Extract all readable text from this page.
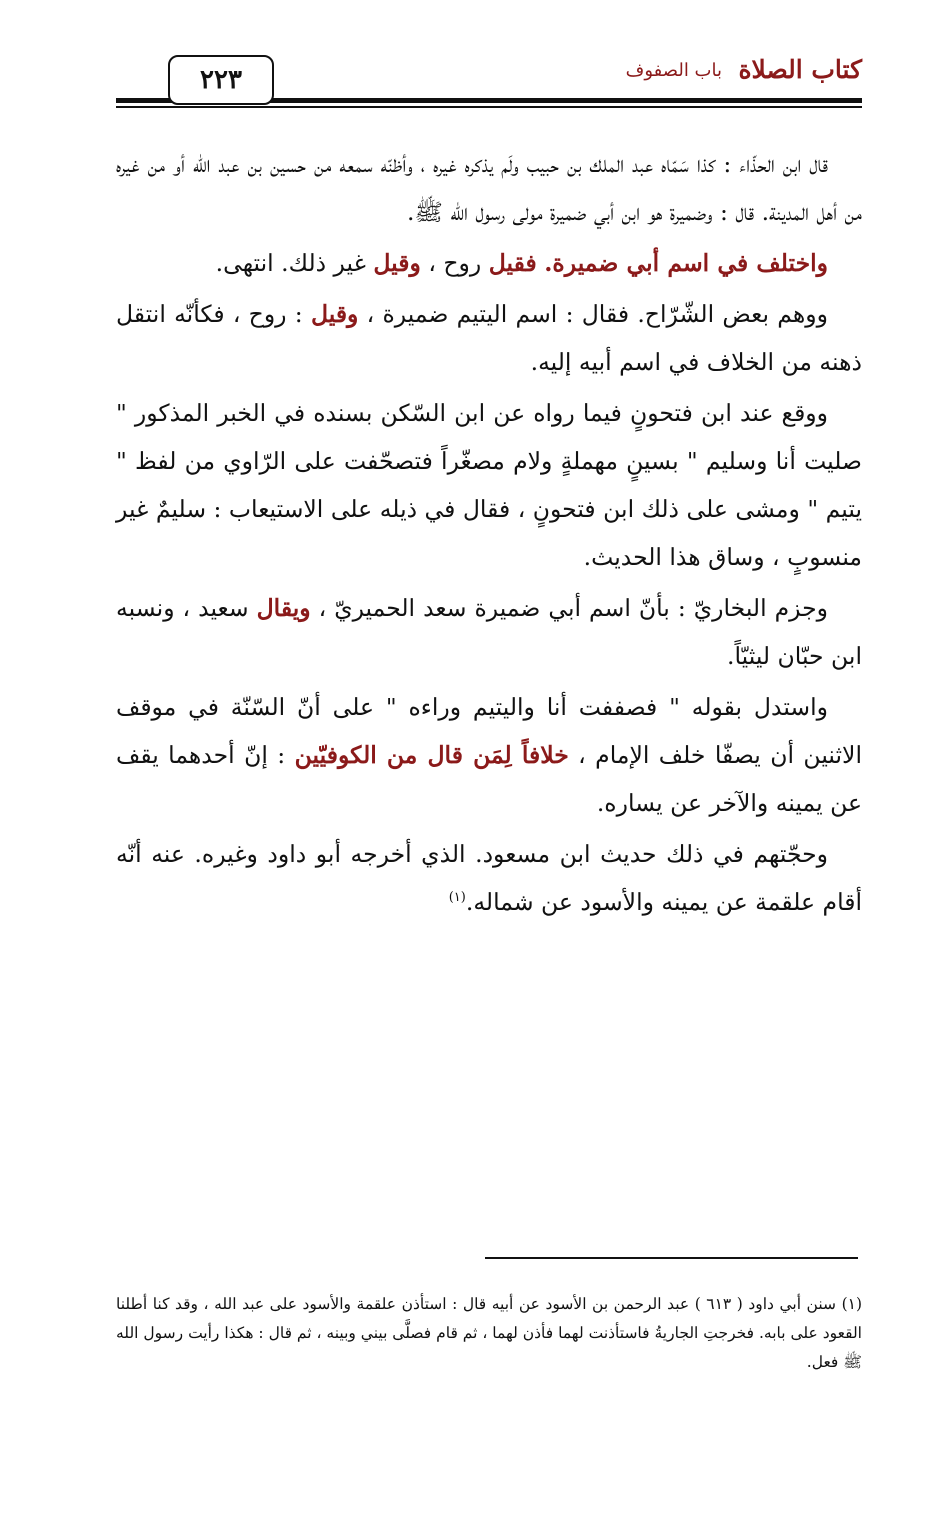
٢٢٣	كتاب الصلاة
باب الصفوف

قال ابن الحذّاء : كذا سَمّاه عبد الملك بن حبيب ولَم يذكره غيره ، وأظنّه سمعه من حسين بن عبد الله أو من غيره من أهل المدينة. قال : وضميرة هو ابن أبي ضميرة مولى رسول الله ﷺ.

واختلف في اسم أبي ضميرة. فقيل روح ، وقيل غير ذلك. انتهى.

ووهم بعض الشّرّاح. فقال : اسم اليتيم ضميرة ، وقيل : روح ، فكأنّه انتقل ذهنه من الخلاف في اسم أبيه إليه.

ووقع عند ابن فتحونٍ فيما رواه عن ابن السّكن بسنده في الخبر المذكور " صليت أنا وسليم " بسينٍ مهملةٍ ولام مصغّراً فتصحّفت على الرّاوي من لفظ " يتيم " ومشى على ذلك ابن فتحونٍ ، فقال في ذيله على الاستيعاب : سليمٌ غير منسوبٍ ، وساق هذا الحديث.

وجزم البخاريّ : بأنّ اسم أبي ضميرة سعد الحميريّ ، ويقال سعيد ، ونسبه ابن حبّان ليثيّاً.

واستدل بقوله " فصففت أنا واليتيم وراءه " على أنّ السّنّة في موقف الاثنين أن يصفّا خلف الإمام ، خلافاً لِمَن قال من الكوفيّين : إنّ أحدهما يقف عن يمينه والآخر عن يساره.

وحجّتهم في ذلك حديث ابن مسعود. الذي أخرجه أبو داود وغيره. عنه أنّه أقام علقمة عن يمينه والأسود عن شماله.$^{(١)}$

(١) سنن أبي داود ( ٦١٣ ) عبد الرحمن بن الأسود عن أبيه قال : استأذن علقمة والأسود على عبد الله ، وقد كنا أطلنا القعود على بابه. فخرجتِ الجاريةُ فاستأذنت لهما فأذن لهما ، ثم قام فصلَّى بيني وبينه ، ثم قال : هكذا رأيت رسول الله ﷺ فعل.
